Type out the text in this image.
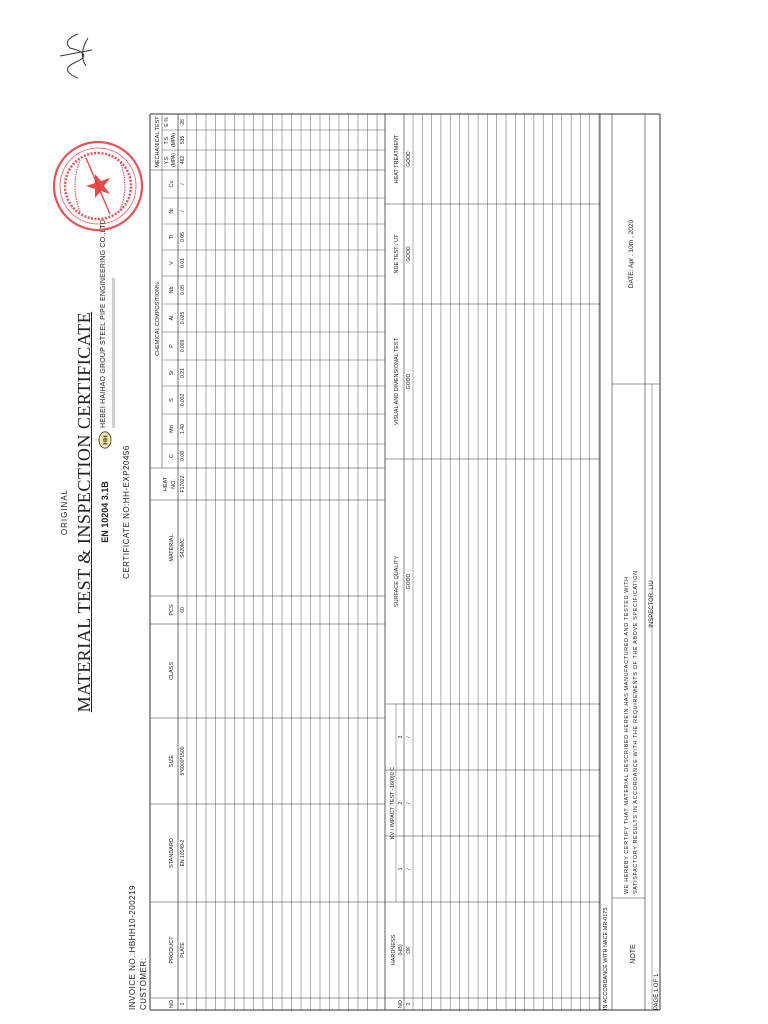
ORIGINAL MATERIAL TEST & INSPECTION CERTIFICATE EN 10204 3.1B CERTIFICATE NO:HH-EXP20456
INVOICE NO.:HBHH10-200219 CUSTOMER:
HH
HEBEI HAIHAO GROUP STEEL PIPE ENGINEERING CO.,LTD
NO
PRODUCT
STANDARD
SIZE
CLASS
PCS
MATERIAL
HEAT NO.
CHEMICAL COMPOSITION%
C
Mn
S
Si
P
Al
Nb
V
Ti
Ni
Cu
MECHANICAL TEST Y.S. (MPA)
T.S. (MPA)
E %
1
PLATE
EN 10149-2
5*6000*1500
60
S420MC
F17022
0.08
1.40
0.002
0.21
0.009
0.025
0.05
0.01
0.05
/
/
462
535
28
NO
HARDNESS (HB)
KV / IMPACT TEST -16(0)0 C
1
2
3
SURFACE QUALITY
VISUAL AND DIMENSIONAL TEST
NDE TEST / UT
HEAT TREATMENT
1
OK
/
/
/
GOOD
GOOD
GOOD
GOOD
IN ACCORDANCE WITH NACE MR-0175.	NOTE
WE HEREBY CERTIFY THAT MATERIAL DESCRIBED HEREIN HAS MANUFACTURED AND TESTED WITH SATISFACTORY RESULTS IN ACCORDANCE WITH THE REQUIREMENTS OF THE ABOVE SPECIFICATION
DATE: Apr . 10th , 2020
INSPECTOR: LIU
PAGE 1 OF 1
